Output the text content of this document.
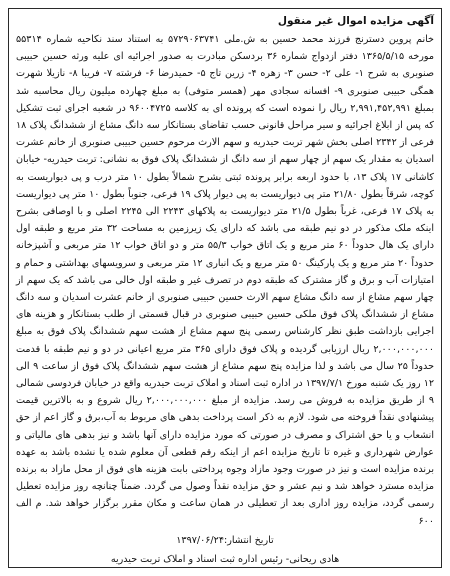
آگهی مزایده اموال غیر منقول

خانم پروین دسترنج فرزند محمد حسین به ش.ملی ۵۷۲۹۰۶۳۷۴۱ به استناد سند نکاحیه شماره ۵۵۳۱۴ مورخه ۱۳۶۵/۵/۱۵ دفتر ازدواج شماره ۳۶ بردسکن مبادرت به صدور اجرائیه ای علیه ورثه حسین حبیبی صنوبری به شرح ۱- علی ۲- حسن ۳- زهره ۴- زرین تاج ۵- حمیدرضا ۶- فرشته ۷- فریبا ۸- نازیلا شهرت همگی حبیبی صنوبری ۹- افسانه سجادی مهر (همسر متوفی) به مبلغ چهارده میلیون ریال محاسبه شد بمبلغ ۲,۹۹۱,۴۵۲,۹۹۱ ریال را نموده است که پرونده ای به کلاسه ۹۶۰۰۴۷۲۵ در شعبه اجرای ثبت تشکیل که پس از ابلاغ اجرائیه و سیر مراحل قانونی حسب تقاضای بستانکار سه دانگ مشاع از ششدانگ پلاک ۱۸ فرعی از ۲۳۴۲ اصلی بخش شهر تربت حیدریه و سهم الارث مرحوم حسین حبیبی صنوبری از خانم عشرت اسدیان به مقدار یک سهم از چهار سهم از سه دانگ از ششدانگ پلاک فوق به نشانی: تربت حیدریه- خیابان کاشانی ۱۷ پلاک ۱۳، با حدود اربعه برابر پرونده ثبتی بشرح شمالاً بطول ۱۰ متر درب و پی دیواریست به کوچه، شرقاً بطول ۲۱/۸۰ متر پی دیواریست به پی دیوار پلاک ۱۹ فرعی، جنوباً بطول ۱۰ متر پی دیواریست به پلاک ۱۷ فرعی، غرباً بطول ۲۱/۵ متر دیواریست به پلاکهای ۲۲۴۳ الی ۲۲۴۵ اصلی و با اوصافی بشرح اینکه ملک مذکور در دو نیم طبقه می باشد که دارای یک زیرزمین به مساحت ۳۲ متر مربع و طبقه اول دارای یک هال حدوداً ۶۰ متر مربع و یک اتاق خواب ۵۵/۳ متر و دو اتاق خواب ۱۲ متر مربعی و آشپزخانه حدوداً ۲۰ متر مربع و یک پارکینگ ۵۰ متر مربع و یک انباری ۱۲ متر مربعی و سرویسهای بهداشتی و حمام و امتیازات آب و برق و گاز مشترک که طبقه دوم در تصرف غیر و طبقه اول خالی می باشد که یک سهم از چهار سهم مشاع از سه دانگ مشاع سهم الارث حسین حبیبی صنوبری از خانم عشرت اسدیان و سه دانگ مشاع از ششدانگ پلاک فوق ملکی حسین حبیبی صنوبری در قبال قسمتی از طلب بستانکار و هزینه های اجرایی بازداشت طبق نظر کارشناس رسمی پنج سهم مشاع از هشت سهم ششدانگ پلاک فوق به مبلغ ۲,۰۰۰,۰۰۰,۰۰۰ ریال ارزیابی گردیده و پلاک فوق دارای ۳۶۵ متر مربع اعیانی در دو و نیم طبقه با قدمت حدوداً ۲۵ سال می باشد و لذا مزایده پنج سهم مشاع از هشت سهم ششدانگ پلاک فوق از ساعت ۹ الی ۱۲ روز یک شنبه مورخ ۱۳۹۷/۷/۱ در اداره ثبت اسناد و املاک تربت حیدریه واقع در خیابان فردوسی شمالی ۹ از طریق مزایده به فروش می رسد. مزایده از مبلغ ۲,۰۰۰,۰۰۰,۰۰۰ ریال شروع و به بالاترین قیمت پیشنهادی نقداً فروخته می شود. لازم به ذکر است پرداخت بدهی های مربوط به آب،برق و گاز اعم از حق انشعاب و یا حق اشتراک و مصرف در صورتی که مورد مزایده دارای آنها باشد و نیز بدهی های مالیاتی و عوارض شهرداری و غیره تا تاریخ مزایده اعم از اینکه رقم قطعی آن معلوم شده یا نشده باشد به عهده برنده مزایده است و نیز در صورت وجود مازاد وجوه پرداختی بابت هزینه های فوق از محل مازاد به برنده مزایده مسترد خواهد شد و نیم عشر و حق مزایده نقداً وصول می گردد. ضمناً چنانچه روز مزایده تعطیل رسمی گردد، مزایده روز اداری بعد از تعطیلی در همان ساعت و مکان مقرر برگزار خواهد شد. م الف ۶۰۰

تاریخ انتشار:۱۳۹۷/۰۶/۲۴
هادی ریحانی- رئیس اداره ثبت اسناد و املاک تربت حیدریه
